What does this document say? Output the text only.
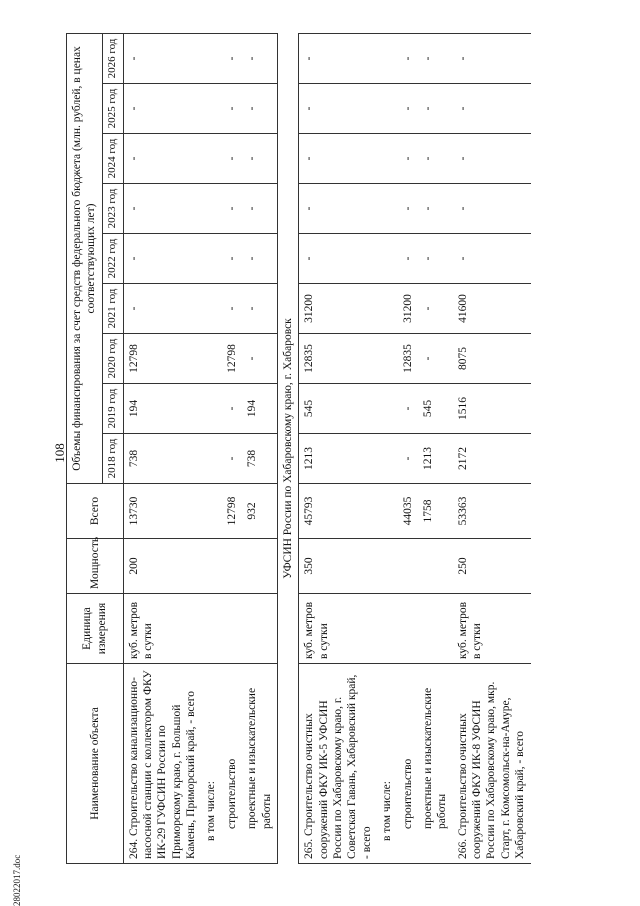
108
28022017.doc
Наименование объекта	Единица измерения	Мощность	Всего	Объемы финансирования за счет средств федерального бюджета (млн. рублей, в ценах соответствующих лет)								
				2018 год	2019 год	2020 год	2021 год	2022 год	2023 год	2024 год	2025 год	2026 год
264. Строительство канализационно-насосной станции с коллектором ФКУ ИК-29 ГУФСИН России по Приморскому краю, г. Большой Камень, Приморский край, - всего	куб. метров в сутки	200	13730	738	194	12798	-	-	-	-	-	-
в том числе:												
строительство			12798	-	-	12798	-	-	-	-	-	-
проектные и изыскательские работы			932	738	194	-	-	-	-	-	-	-
УФСИН России по Хабаровскому краю, г. Хабаровск												
265. Строительство очистных сооружений ФКУ ИК-5 УФСИН России по Хабаровскому краю, г. Советская Гавань, Хабаровский край, - всего	куб. метров в сутки	350	45793	1213	545	12835	31200	-	-	-	-	-
в том числе:												
строительство			44035	-	-	12835	31200	-	-	-	-	-
проектные и изыскательские работы			1758	1213	545	-	-	-	-	-	-	-
266. Строительство очистных сооружений ФКУ ИК-8 УФСИН России по Хабаровскому краю, мкр. Старт, г. Комсомольск-на-Амуре, Хабаровский край, - всего	куб. метров в сутки	250	53363	2172	1516	8075	41600	-	-	-	-	-
